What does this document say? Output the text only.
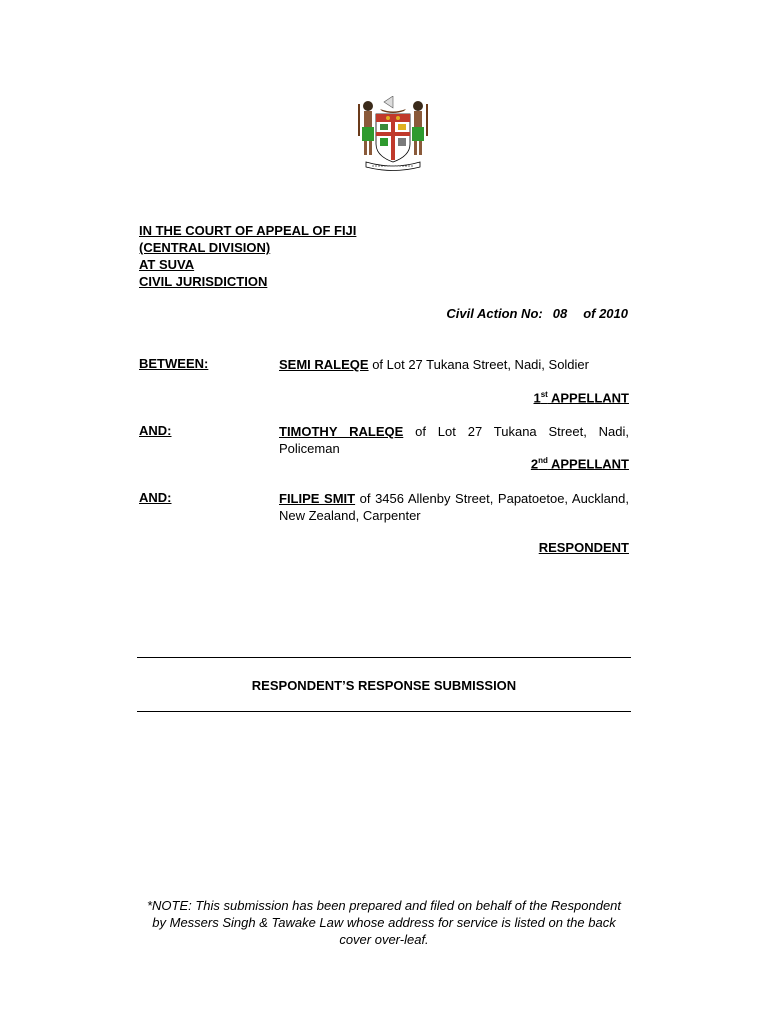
IN THE COURT OF APPEAL OF FIJI
(CENTRAL DIVISION)
AT SUVA
CIVIL JURISDICTION
Civil Action No: 08 of 2010
BETWEEN:	SEMI RALEQE of Lot 27 Tukana Street, Nadi, Soldier
1st APPELLANT
AND:	TIMOTHY RALEQE of Lot 27 Tukana Street, Nadi, Policeman
2nd APPELLANT
AND:	FILIPE SMIT of 3456 Allenby Street, Papatoetoe, Auckland, New Zealand, Carpenter
RESPONDENT
RESPONDENT’S RESPONSE SUBMISSION
*NOTE: This submission has been prepared and filed on behalf of the Respondent by Messers Singh & Tawake Law whose address for service is listed on the back cover over-leaf.
